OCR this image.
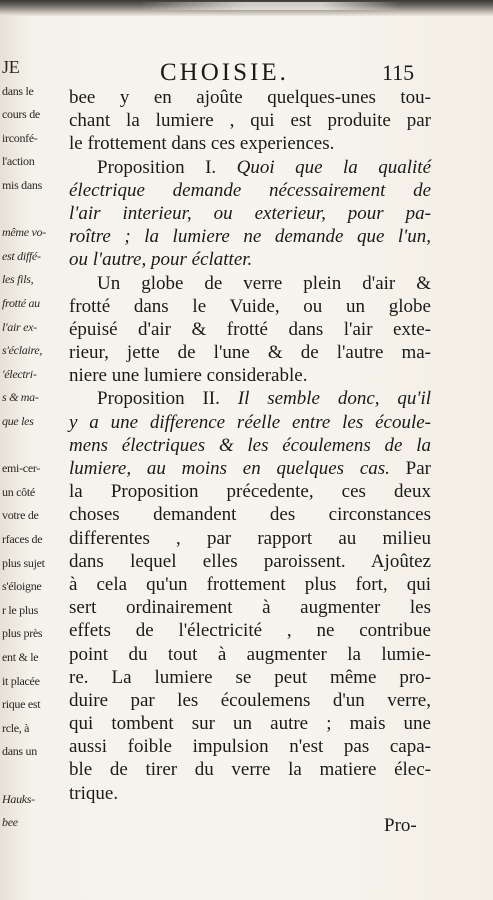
JE
dans le
cours de
irconfé-
l'action
mis dans
même vo-
est diffé-
les fils,
frotté au
l'air ex-
s'éclaire,
'électri-
s & ma-
que les
emi-cer-
un côté
votre de
rfaces de
plus sujet
s'éloigne
r le plus
plus près
ent & le
it placée
rique est
rcle, à
dans un
Hauks-
bee
CHOISIE.	115
bee y en ajoûte quelques-unes tou-
chant la lumiere , qui est produite par
le frottement dans ces experiences.
Proposition I. Quoi que la qualité
électrique demande nécessairement de
l'air interieur, ou exterieur, pour pa-
roître ; la lumiere ne demande que l'un,
ou l'autre, pour éclatter.
Un globe de verre plein d'air &
frotté dans le Vuide, ou un globe
épuisé d'air & frotté dans l'air exte-
rieur, jette de l'une & de l'autre ma-
niere une lumiere considerable.
Proposition II. Il semble donc, qu'il
y a une difference réelle entre les écoule-
mens électriques & les écoulemens de la
lumiere, au moins en quelques cas. Par
la Proposition précedente, ces deux
choses demandent des circonstances
differentes , par rapport au milieu
dans lequel elles paroissent. Ajoûtez
à cela qu'un frottement plus fort, qui
sert ordinairement à augmenter les
effets de l'électricité , ne contribue
point du tout à augmenter la lumie-
re. La lumiere se peut même pro-
duire par les écoulemens d'un verre,
qui tombent sur un autre ; mais une
aussi foible impulsion n'est pas capa-
ble de tirer du verre la matiere élec-
trique.
Pro-
